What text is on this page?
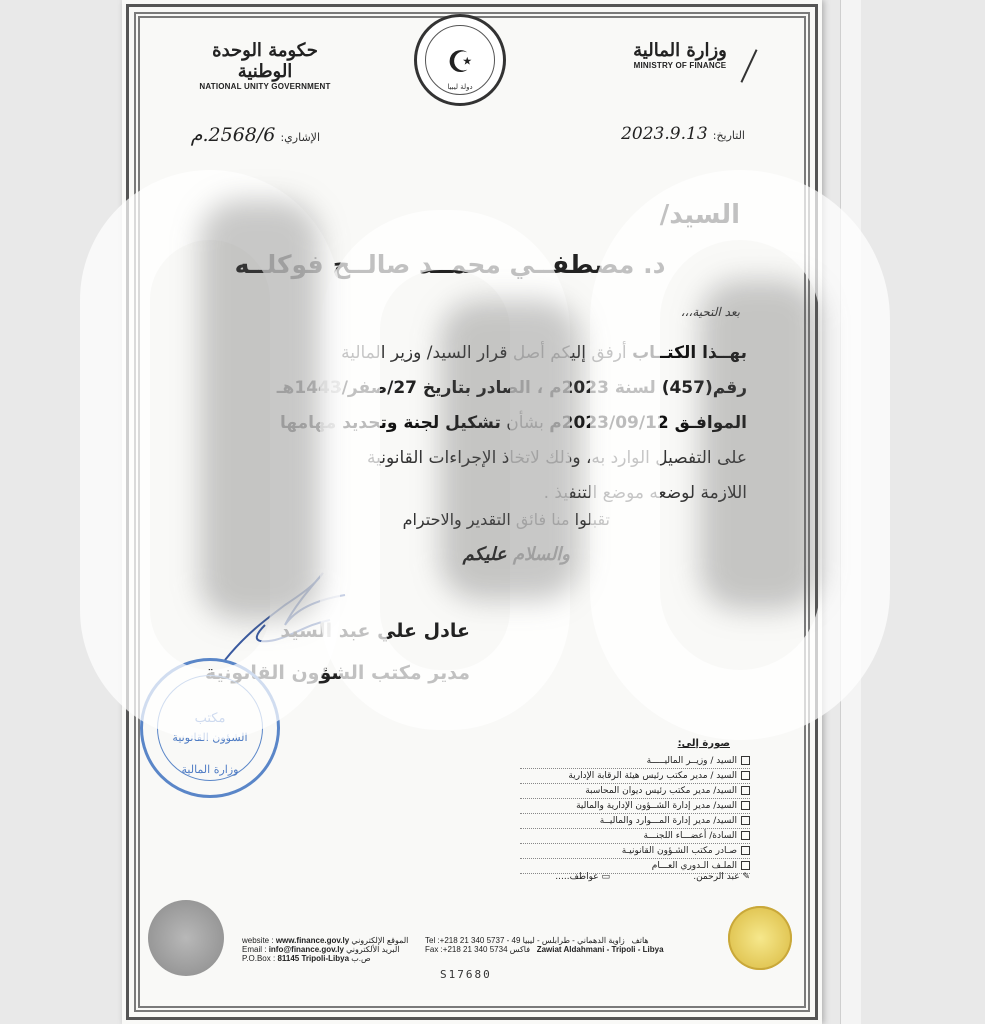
وزارة المالية
MINISTRY OF FINANCE
☪
دولة ليبيا
حكومة الوحدة الوطنية
NATIONAL UNITY GOVERNMENT
التاريخ: 2023.9.13
الإشاري: 2568/6.م
السيد/
د. مصطفــي محمــد صالــح فوكلــه
بعد التحية،،،
بهــذا الكتــاب أرفق إليكم أصل قرار السيد/ وزير المالية
رقم(457) لسنة 2023م ، الصادر بتاريخ 27/صفر/1443هـ
الموافـق 2023/09/12م بشأن تشكيل لجنة وتحديد مهامها
على التفصيل الوارد به، وذلك لاتخاذ الإجراءات القانونية
اللازمة لوضعه موضع التنفيذ .
تقبلوا منا فائق التقدير والاحترام
والسلام عليكم
عادل علي عبد السيد
مدير مكتب الشؤون القانونية
مكتب
الشؤون القانونية
وزارة المالية
صورة إلى:
السيد / وزيــر الماليـــــة
السيد / مدير مكتب رئيس هيئة الرقابة الإدارية
السيد/ مدير مكتب رئيس ديوان المحاسبة
السيد/ مدير إدارة الشــؤون الإدارية والمالية
السيد/ مدير إدارة المـــوارد والماليــة
السادة/ أعضـــاء اللجنـــة
صـادر مكتب الشـؤون القانونيـة
الملـف الـدوري العـــام
✎ عبد الرحمن.
▭ عواطف.....
website : www.finance.gov.ly الموقع الإلكتروني
Email : info@finance.gov.ly البريد الألكتروني
P.O.Box : 81145 Tripoli-Libya ص.ب
Tel :+218 21 340 5737 - 49	هاتف   زاوية الدهماني - طرابلس - ليبيا
Fax :+218 21 340 5734 فاكس Zawiat Aldahmani - Tripoli - Libya
S17680
